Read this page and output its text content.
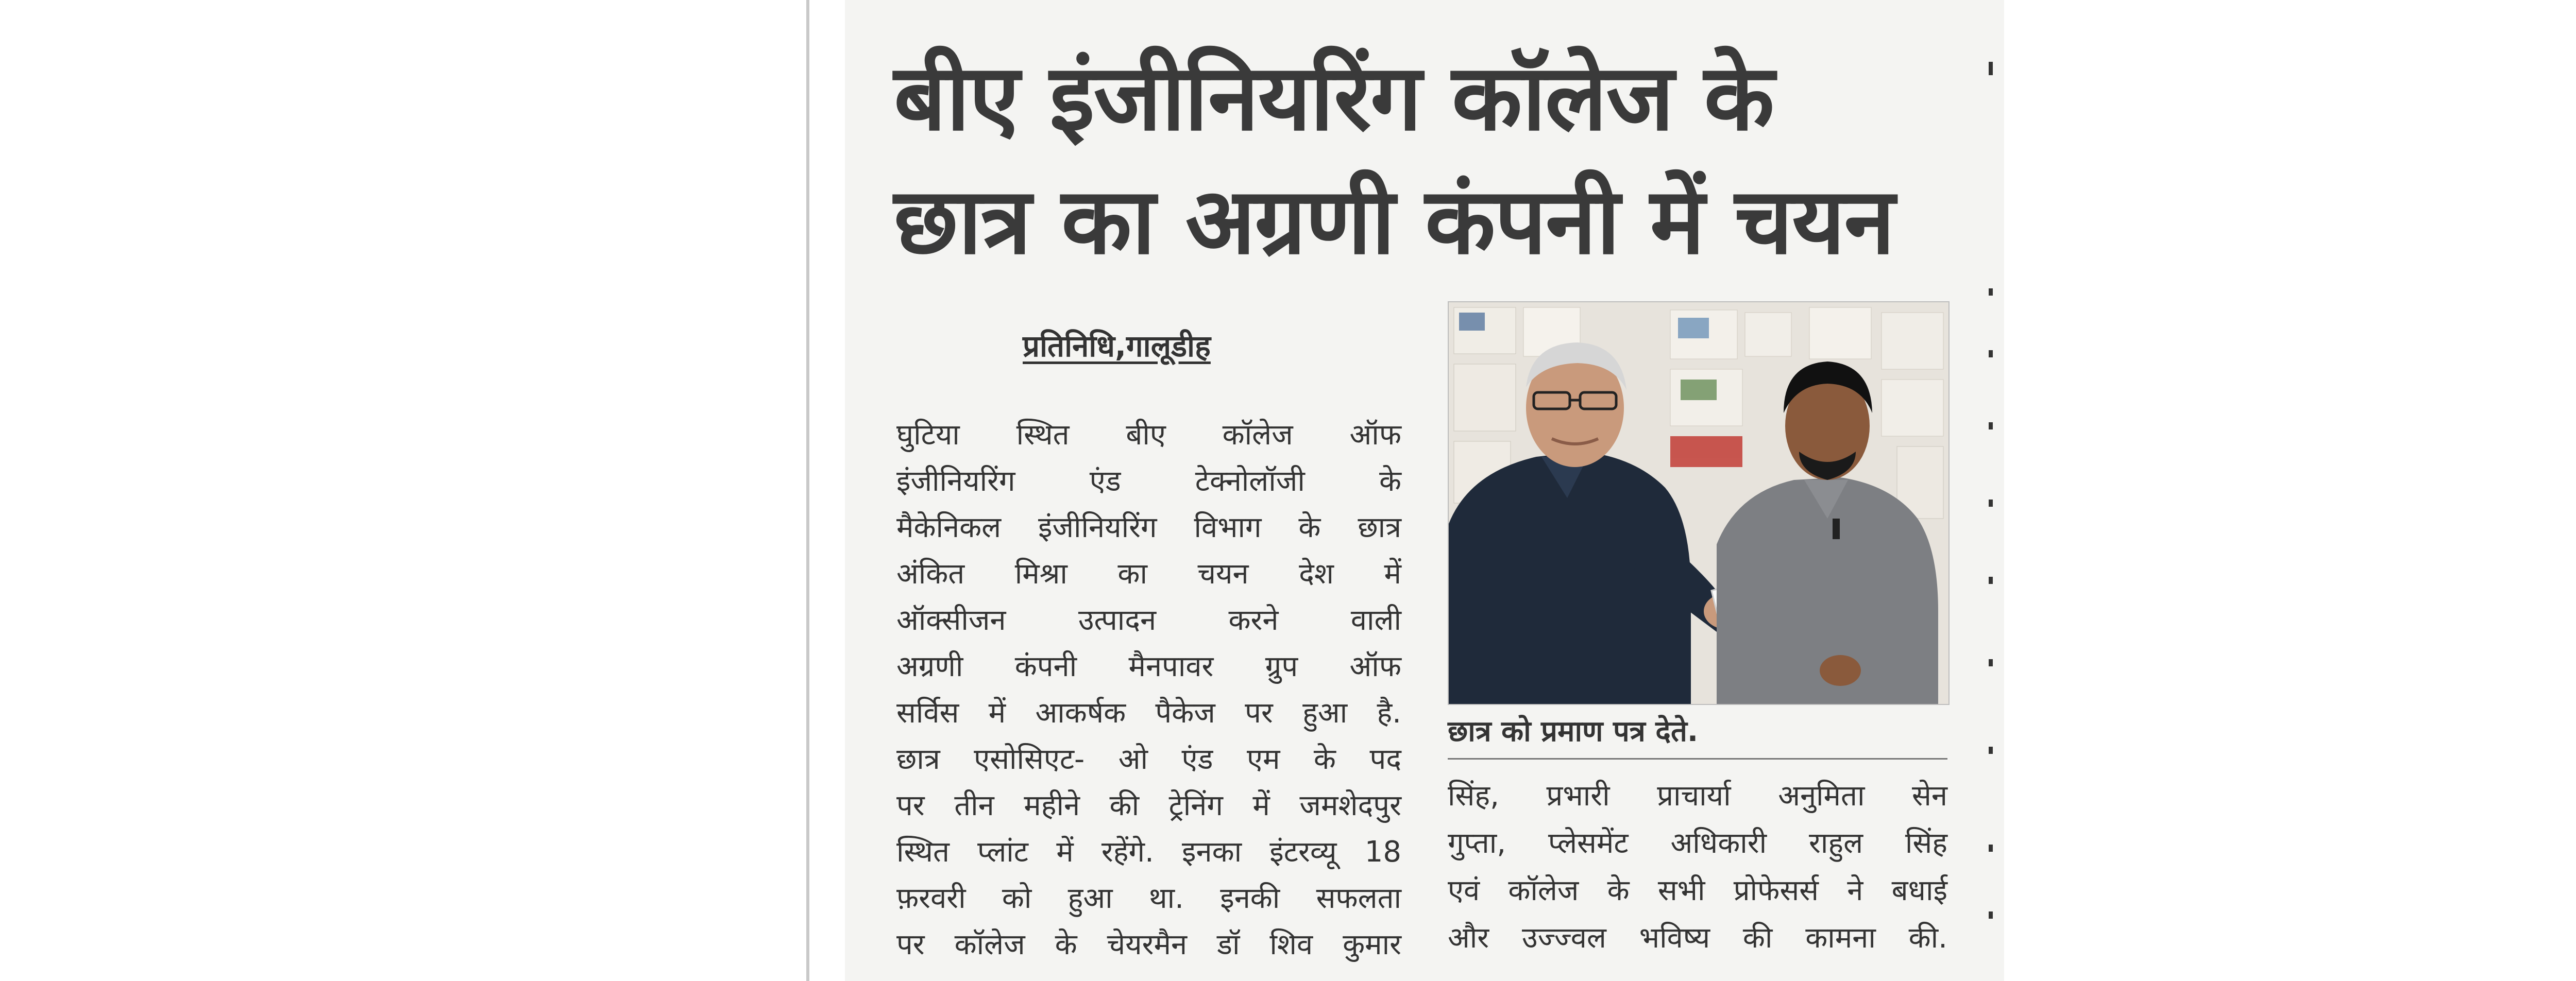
बीए इंजीनियरिंग कॉलेज के
छात्र का अग्रणी कंपनी में चयन
प्रतिनिधि,गालूडीह
घुटिया स्थित बीए कॉलेज ऑफ
इंजीनियरिंग एंड टेक्नोलॉजी के
मैकेनिकल इंजीनियरिंग विभाग के छात्र
अंकित मिश्रा का चयन देश में
ऑक्सीजन उत्पादन करने वाली
अग्रणी कंपनी मैनपावर ग्रुप ऑफ
सर्विस में आकर्षक पैकेज पर हुआ है.
छात्र एसोसिएट- ओ एंड एम के पद
पर तीन महीने की ट्रेनिंग में जमशेदपुर
स्थित प्लांट में रहेंगे. इनका इंटरव्यू 18
फ़रवरी को हुआ था. इनकी सफलता
पर कॉलेज के चेयरमैन डॉ शिव कुमार
छात्र को प्रमाण पत्र देते.
सिंह, प्रभारी प्राचार्या अनुमिता सेन
गुप्ता, प्लेसमेंट अधिकारी राहुल सिंह
एवं कॉलेज के सभी प्रोफेसर्स ने बधाई
और उज्ज्वल भविष्य की कामना की.
